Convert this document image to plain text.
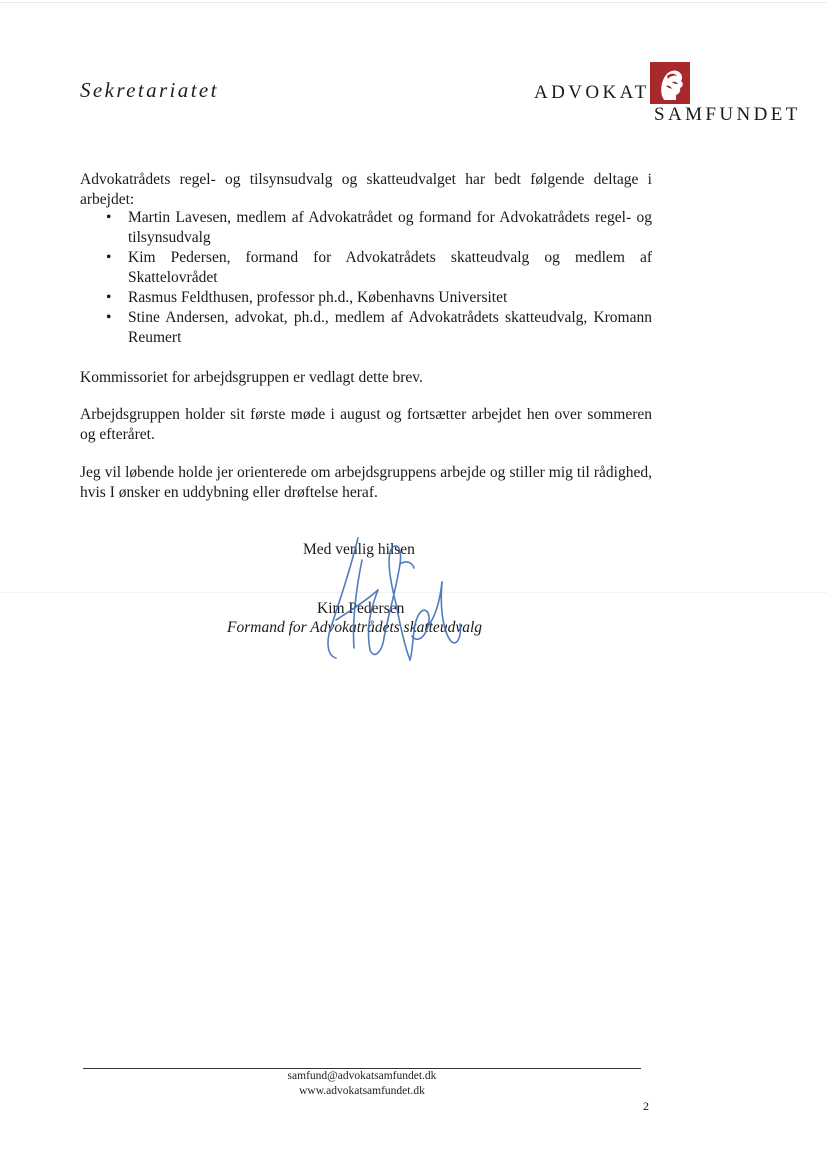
Sekretariatet	ADVOKAT
SAMFUNDET
Advokatrådets regel- og tilsynsudvalg og skatteudvalget har bedt følgende deltage i arbejdet:
• Martin Lavesen, medlem af Advokatrådet og formand for Advokatrådets regel- og tilsynsudvalg
• Kim Pedersen, formand for Advokatrådets skatteudvalg og medlem af Skattelovrådet
• Rasmus Feldthusen, professor ph.d., Københavns Universitet
• Stine Andersen, advokat, ph.d., medlem af Advokatrådets skatteudvalg, Kromann Reumert
Kommissoriet for arbejdsgruppen er vedlagt dette brev.
Arbejdsgruppen holder sit første møde i august og fortsætter arbejdet hen over sommeren og efteråret.
Jeg vil løbende holde jer orienterede om arbejdsgruppens arbejde og stiller mig til rådighed, hvis I ønsker en uddybning eller drøftelse heraf.
Med venlig hilsen
Kim Pedersen
Formand for Advokatrådets skatteudvalg
samfund@advokatsamfundet.dk
www.advokatsamfundet.dk
2
